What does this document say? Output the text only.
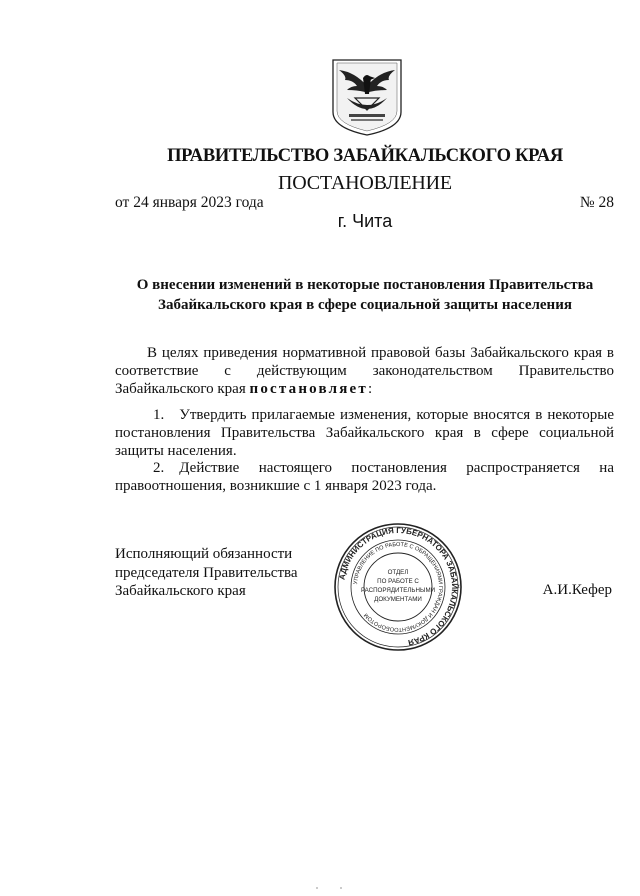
ПРАВИТЕЛЬСТВО ЗАБАЙКАЛЬСКОГО КРАЯ
ПОСТАНОВЛЕНИЕ
от 24 января 2023 года	№ 28
г. Чита
О внесении изменений в некоторые постановления Правительства
Забайкальского края в сфере социальной защиты населения
В целях приведения нормативной правовой базы Забайкальского края в соответствие с действующим законодательством Правительство Забайкальского края постановляет:
1. Утвердить прилагаемые изменения, которые вносятся в некоторые постановления Правительства Забайкальского края в сфере социальной защиты населения.
2. Действие настоящего постановления распространяется на правоотношения, возникшие с 1 января 2023 года.
Исполняющий обязанности
председателя Правительства
Забайкальского края	А.И.Кефер
АДМИНИСТРАЦИЯ ГУБЕРНАТОРА ЗАБАЙКАЛЬСКОГО КРАЯ
УПРАВЛЕНИЕ ПО РАБОТЕ С ОБРАЩЕНИЯМИ ГРАЖДАН И ДОКУМЕНТООБОРОТОМ
ОТДЕЛ
ПО РАБОТЕ С
РАСПОРЯДИТЕЛЬНЫМИ
ДОКУМЕНТАМИ
